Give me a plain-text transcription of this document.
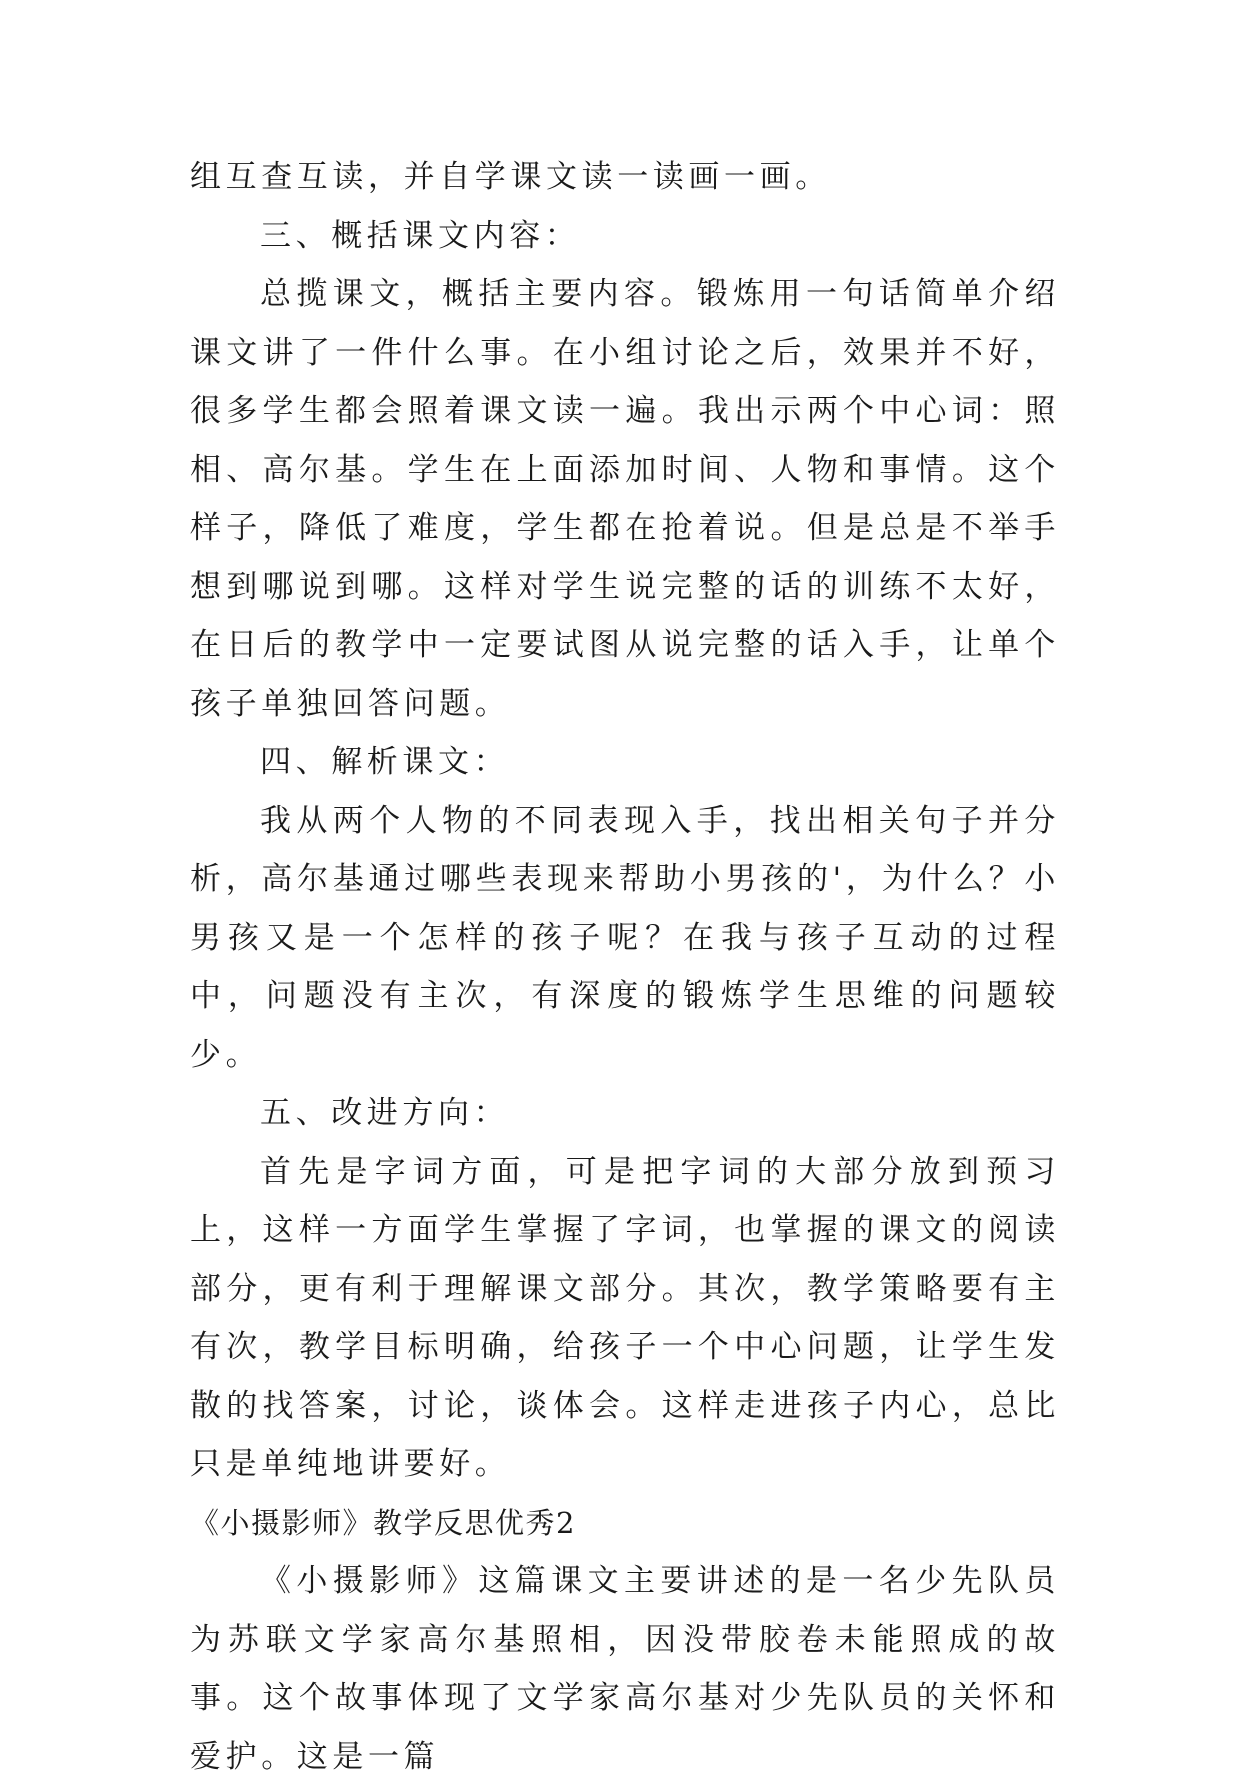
组互查互读，并自学课文读一读画一画。

三、概括课文内容：

总揽课文，概括主要内容。锻炼用一句话简单介绍课文讲了一件什么事。在小组讨论之后，效果并不好，很多学生都会照着课文读一遍。我出示两个中心词：照相、高尔基。学生在上面添加时间、人物和事情。这个样子，降低了难度，学生都在抢着说。但是总是不举手想到哪说到哪。这样对学生说完整的话的训练不太好，在日后的教学中一定要试图从说完整的话入手，让单个孩子单独回答问题。

四、解析课文：

我从两个人物的不同表现入手，找出相关句子并分析，高尔基通过哪些表现来帮助小男孩的'，为什么？小男孩又是一个怎样的孩子呢？在我与孩子互动的过程中，问题没有主次，有深度的锻炼学生思维的问题较少。

五、改进方向：

首先是字词方面，可是把字词的大部分放到预习上，这样一方面学生掌握了字词，也掌握的课文的阅读部分，更有利于理解课文部分。其次，教学策略要有主有次，教学目标明确，给孩子一个中心问题，让学生发散的找答案，讨论，谈体会。这样走进孩子内心，总比只是单纯地讲要好。

《小摄影师》教学反思优秀2

《小摄影师》这篇课文主要讲述的是一名少先队员为苏联文学家高尔基照相，因没带胶卷未能照成的故事。这个故事体现了文学家高尔基对少先队员的关怀和爱护。这是一篇
